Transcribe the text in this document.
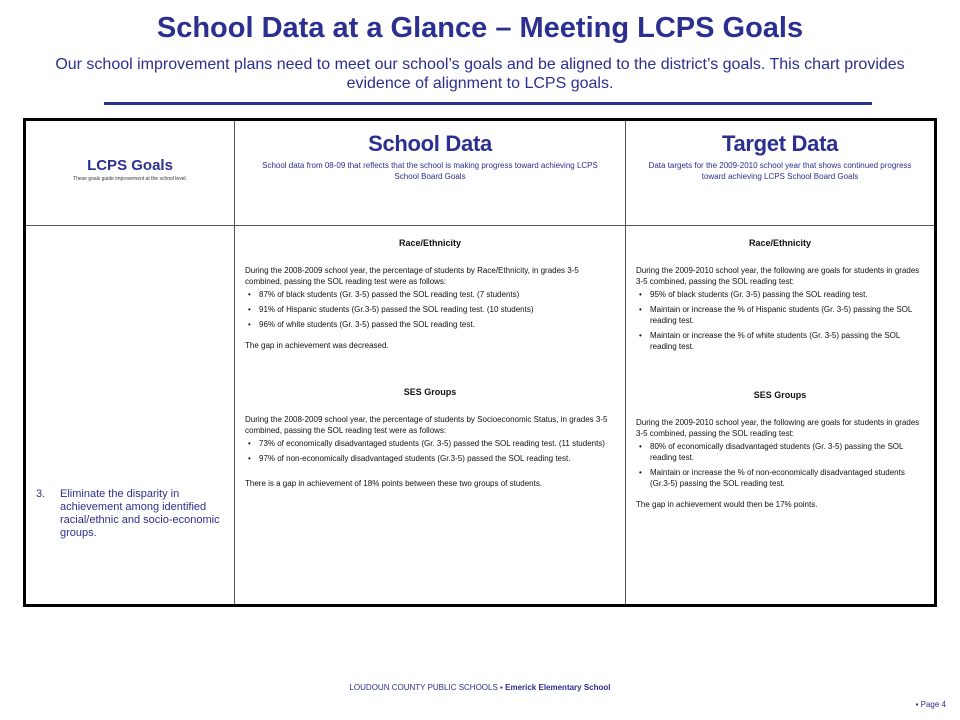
School Data at a Glance – Meeting LCPS Goals
Our school improvement plans need to meet our school’s goals and be aligned to the district’s goals. This chart provides evidence of alignment to LCPS goals.
LCPS Goals
These goals guide improvement at the school level.
School Data
School data from 08-09 that reflects that the school is making progress toward achieving LCPS School Board Goals
Target Data
Data targets for the 2009-2010 school year that shows continued progress toward achieving LCPS School Board Goals
3.	Eliminate the disparity in achievement among identified racial/ethnic and socio-economic groups.
Race/Ethnicity
During the 2008-2009 school year, the percentage of students by Race/Ethnicity, in grades 3-5 combined, passing the SOL reading test were as follows:
• 87% of black students (Gr. 3-5) passed the SOL reading test. (7 students)
• 91% of Hispanic students (Gr.3-5) passed the SOL reading test. (10 students)
• 96% of white students (Gr. 3-5) passed the SOL reading test.
The gap in achievement was decreased.
SES Groups
During the 2008-2009 school year, the percentage of students by Socioeconomic Status, in grades 3-5 combined, passing the SOL reading test were as follows:
• 73% of economically disadvantaged students (Gr. 3-5) passed the SOL reading test. (11 students)
• 97% of non-economically disadvantaged students (Gr.3-5) passed the SOL reading test.
There is a gap in achievement of 18% points between these two groups of students.
Race/Ethnicity
During the 2009-2010 school year, the following are goals for students in grades 3-5 combined, passing the SOL reading test:
• 95% of black students (Gr. 3-5) passing the SOL reading test.
• Maintain or increase the % of Hispanic students (Gr. 3-5) passing the SOL reading test.
• Maintain or increase the % of white students (Gr. 3-5) passing the SOL reading test.
SES Groups
During the 2009-2010 school year, the following are goals for students in grades 3-5 combined, passing the SOL reading test:
• 80% of economically disadvantaged students (Gr. 3-5) passing the SOL reading test.
• Maintain or increase the % of non-economically disadvantaged students (Gr.3-5) passing the SOL reading test.
The gap in achievement would then be 17% points.
LOUDOUN COUNTY PUBLIC SCHOOLS ▪ Emerick Elementary School
▪ Page 4
